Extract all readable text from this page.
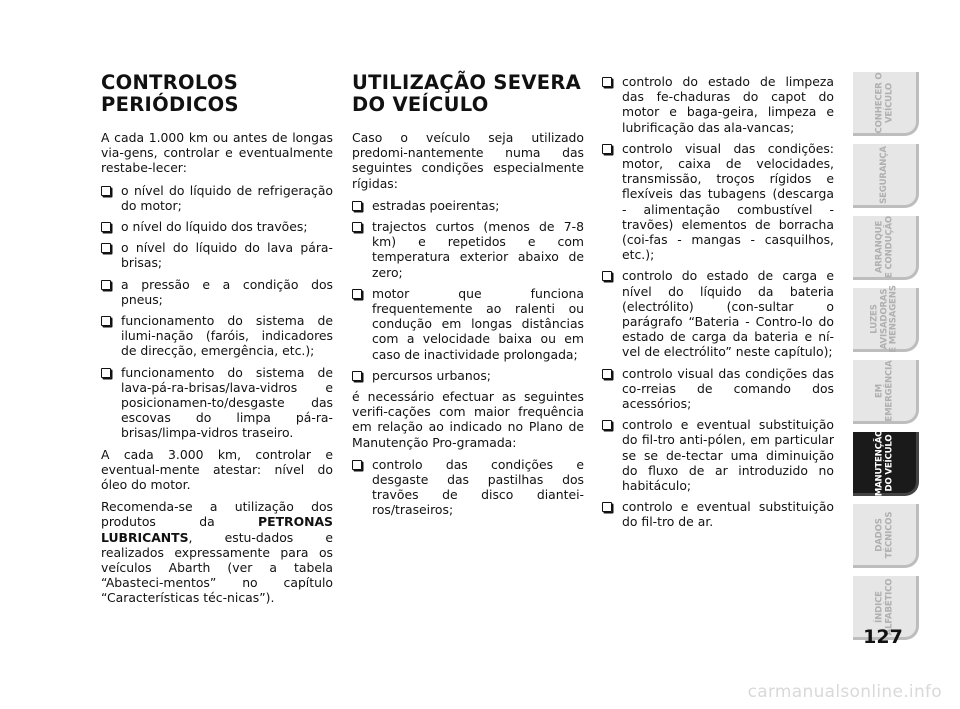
CONTROLOS
PERIÓDICOS

A cada 1.000 km ou antes de longas via-gens, controlar e eventualmente restabe-lecer:

o nível do líquido de refrigeração do motor;
o nível do líquido dos travões;
o nível do líquido do lava pára-brisas;
a pressão e a condição dos pneus;
funcionamento do sistema de ilumi-nação (faróis, indicadores de direcção, emergência, etc.);
funcionamento do sistema de lava-pá-ra-brisas/lava-vidros e posicionamen-to/desgaste das escovas do limpa pá-ra-brisas/limpa-vidros traseiro.

A cada 3.000 km, controlar e eventual-mente atestar: nível do óleo do motor.

Recomenda-se a utilização dos produtos da PETRONAS LUBRICANTS, estu-dados e realizados expressamente para os veículos Abarth (ver a tabela “Abasteci-mentos” no capítulo “Características téc-nicas”).

UTILIZAÇÃO SEVERA
DO VEÍCULO

Caso o veículo seja utilizado predomi-nantemente numa das seguintes condições especialmente rígidas:

estradas poeirentas;
trajectos curtos (menos de 7-8 km) e repetidos e com temperatura exterior abaixo de zero;
motor que funciona frequentemente ao ralenti ou condução em longas distâncias com a velocidade baixa ou em caso de inactividade prolongada;
percursos urbanos;

é necessário efectuar as seguintes verifi-cações com maior frequência em relação ao indicado no Plano de Manutenção Pro-gramada:

controlo das condições e desgaste das pastilhas dos travões de disco diantei-ros/traseiros;
controlo do estado de limpeza das fe-chaduras do capot do motor e baga-geira, limpeza e lubrificação das ala-vancas;
controlo visual das condições: motor, caixa de velocidades, transmissão, troços rígidos e flexíveis das tubagens (descarga - alimentação combustível - travões) elementos de borracha (coi-fas - mangas - casquilhos, etc.);
controlo do estado de carga e nível do líquido da bateria (electrólito) (con-sultar o parágrafo “Bateria - Contro-lo do estado de carga da bateria e ní-vel de electrólito” neste capítulo);
controlo visual das condições das co-rreias de comando dos acessórios;
controlo e eventual substituição do fil-tro anti-pólen, em particular se se de-tectar uma diminuição do fluxo de ar introduzido no habitáculo;
controlo e eventual substituição do fil-tro de ar.
CONHECER O
VEÍCULO
SEGURANÇA
ARRANQUE
E CONDUÇÃO
LUZES
AVISADORAS
E MENSAGENS
EM
EMERGÊNCIA
MANUTENÇÃO
DO VEÍCULO
DADOS
TÉCNICOS
ÍNDICE
ALFABÉTICO
127
carmanualsonline.info
